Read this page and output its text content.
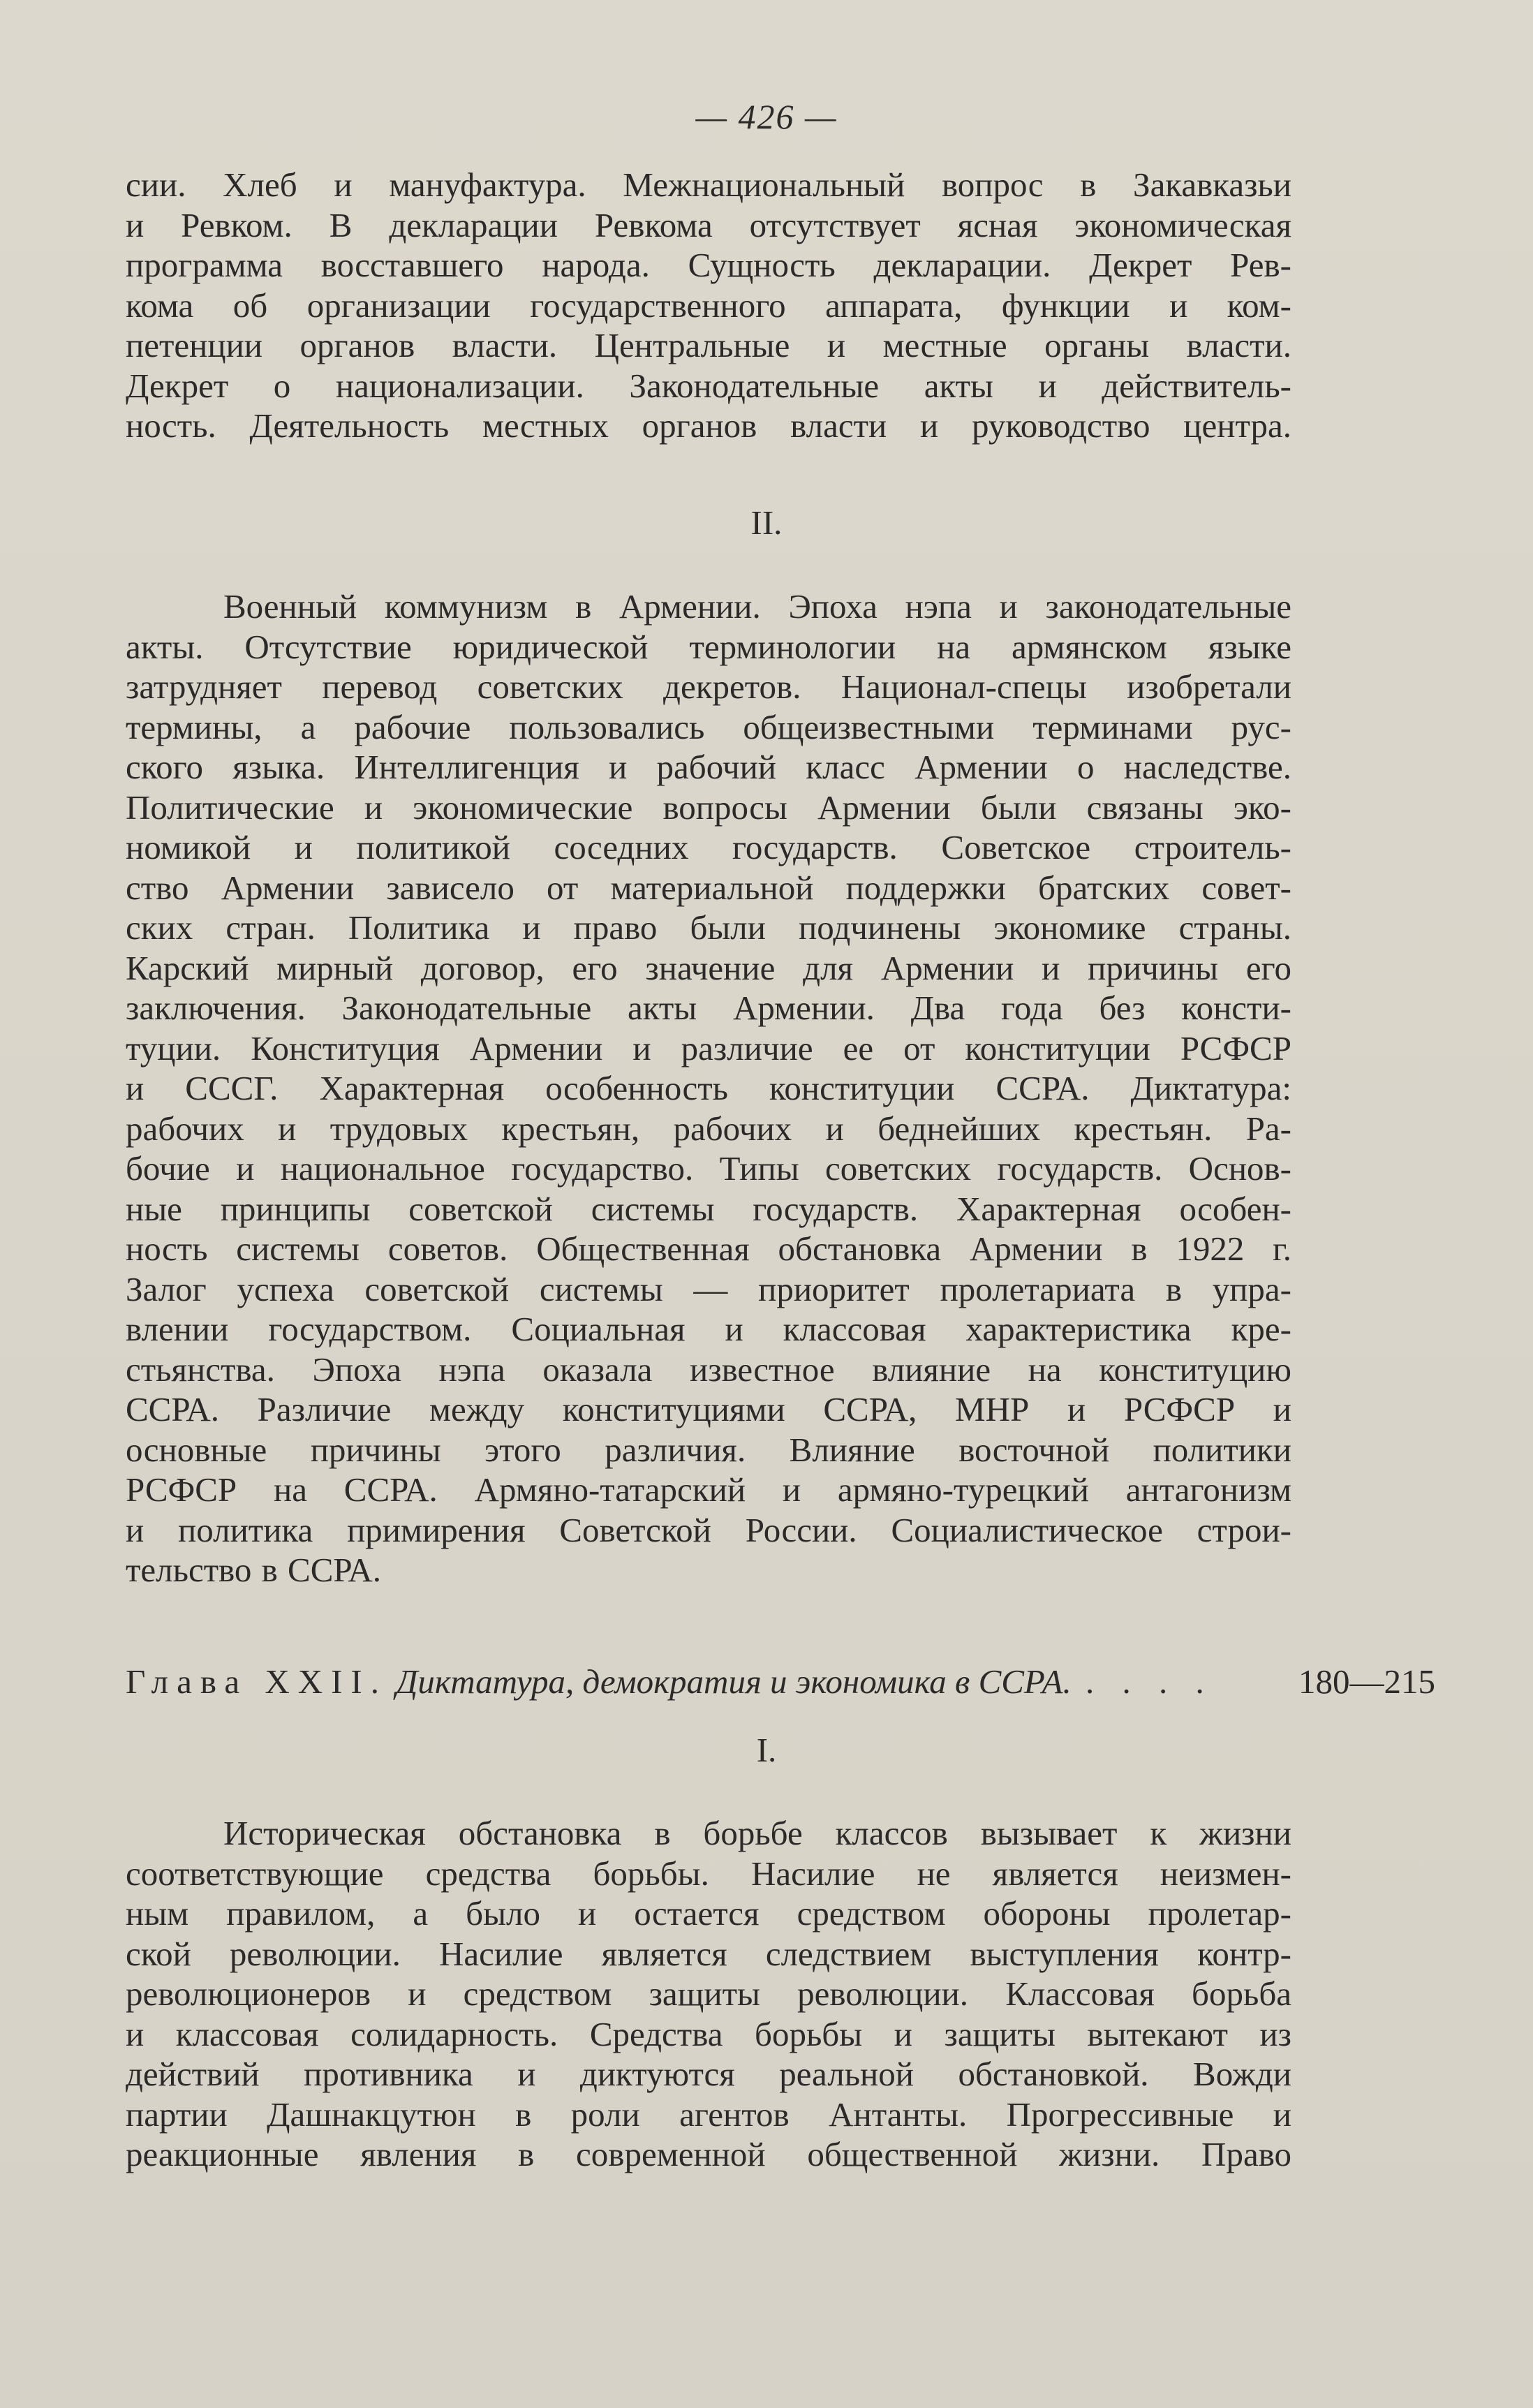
— 426 —
сии. Хлеб и мануфактура. Межнациональный вопрос в Закавказьи
и Ревком. В декларации Ревкома отсутствует ясная экономическая
программа восставшего народа. Сущность декларации. Декрет Рев-
кома об организации государственного аппарата, функции и ком-
петенции органов власти. Центральные и местные органы власти.
Декрет о национализации. Законодательные акты и действитель-
ность. Деятельность местных органов власти и руководство центра.
II.
Военный коммунизм в Армении. Эпоха нэпа и законодательные
акты. Отсутствие юридической терминологии на армянском языке
затрудняет перевод советских декретов. Национал-спецы изобретали
термины, а рабочие пользовались общеизвестными терминами рус-
ского языка. Интеллигенция и рабочий класс Армении о наследстве.
Политические и экономические вопросы Армении были связаны эко-
номикой и политикой соседних государств. Советское строитель-
ство Армении зависело от материальной поддержки братских совет-
ских стран. Политика и право были подчинены экономике страны.
Карский мирный договор, его значение для Армении и причины его
заключения. Законодательные акты Армении. Два года без консти-
туции. Конституция Армении и различие ее от конституции РСФСР
и СССГ. Характерная особенность конституции ССРА. Диктатура:
рабочих и трудовых крестьян, рабочих и беднейших крестьян. Ра-
бочие и национальное государство. Типы советских государств. Основ-
ные принципы советской системы государств. Характерная особен-
ность системы советов. Общественная обстановка Армении в 1922 г.
Залог успеха советской системы — приоритет пролетариата в упра-
влении государством. Социальная и классовая характеристика кре-
стьянства. Эпоха нэпа оказала известное влияние на конституцию
ССРА. Различие между конституциями ССРА, МНР и РСФСР и
основные причины этого различия. Влияние восточной политики
РСФСР на ССРА. Армяно-татарский и армяно-турецкий антагонизм
и политика примирения Советской России. Социалистическое строи-
тельство в ССРА.
Глава XXII. Диктатура, демократия и экономика в ССРА. . . . . 180—215
I.
Историческая обстановка в борьбе классов вызывает к жизни
соответствующие средства борьбы. Насилие не является неизмен-
ным правилом, а было и остается средством обороны пролетар-
ской революции. Насилие является следствием выступления контр-
революционеров и средством защиты революции. Классовая борьба
и классовая солидарность. Средства борьбы и защиты вытекают из
действий противника и диктуются реальной обстановкой. Вожди
партии Дашнакцутюн в роли агентов Антанты. Прогрессивные и
реакционные явления в современной общественной жизни. Право
